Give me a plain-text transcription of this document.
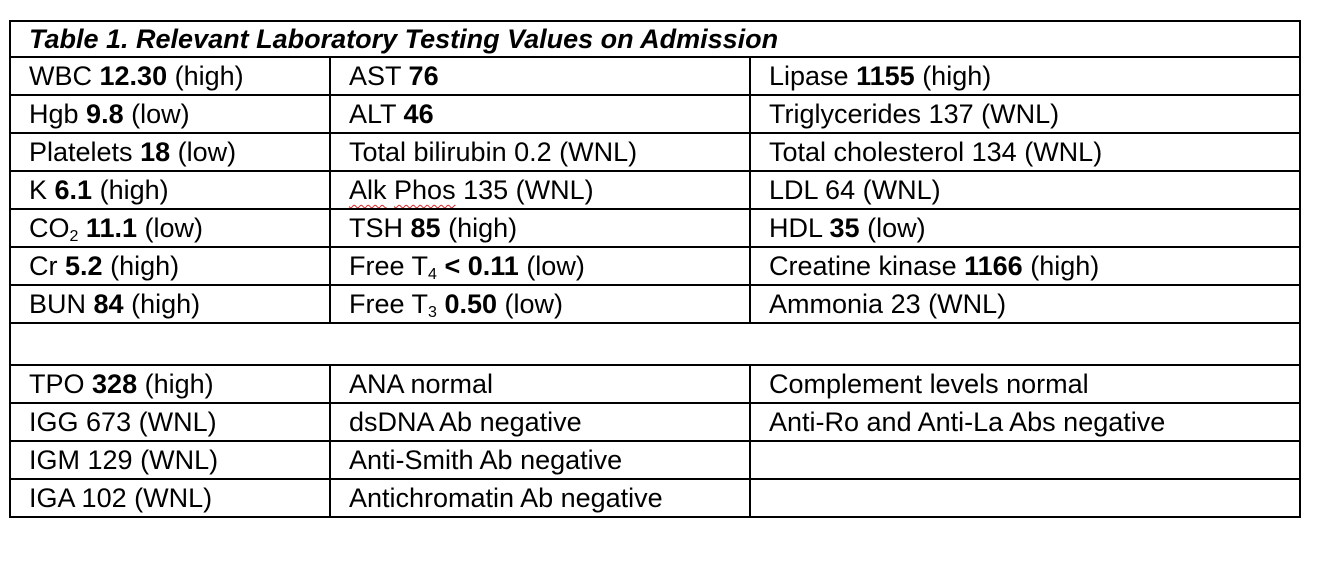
Table 1. Relevant Laboratory Testing Values on Admission		
WBC 12.30 (high)	AST 76	Lipase 1155 (high)
Hgb 9.8 (low)	ALT 46	Triglycerides 137 (WNL)
Platelets 18 (low)	Total bilirubin 0.2 (WNL)	Total cholesterol 134 (WNL)
K 6.1 (high)	Alk Phos 135 (WNL)	LDL 64 (WNL)
$CO_2$ 11.1 (low)	TSH 85 (high)	HDL 35 (low)
Cr 5.2 (high)	Free $T_4 < 0.11$ (low)	Creatine kinase 1166 (high)
BUN 84 (high)	Free $T_3$ 0.50 (low)	Ammonia 23 (WNL)

TPO 328 (high)	ANA normal	Complement levels normal
IGG 673 (WNL)	dsDNA Ab negative	Anti-Ro and Anti-La Abs negative
IGM 129 (WNL)	Anti-Smith Ab negative	
IGA 102 (WNL)	Antichromatin Ab negative	
